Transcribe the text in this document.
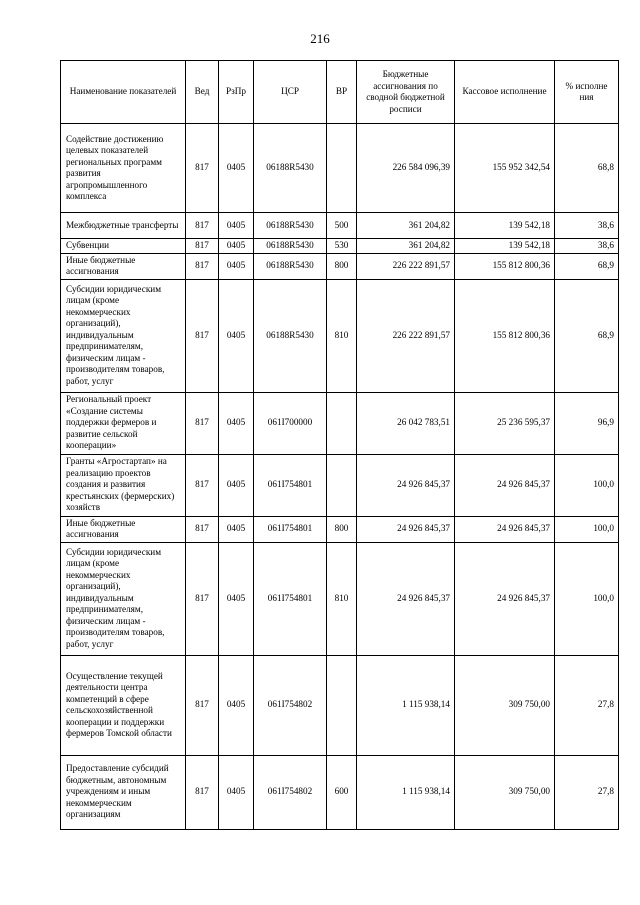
216
Наименование показателей	Вед	РзПр	ЦСР	ВР	Бюджетные ассигнования по сводной бюджетной росписи	Кассовое исполнение	% исполне ния
Содействие достижению целевых показателей региональных программ развития агропромышленного комплекса	817	0405	06188R5430		226 584 096,39	155 952 342,54	68,8
Межбюджетные трансферты	817	0405	06188R5430	500	361 204,82	139 542,18	38,6
Субвенции	817	0405	06188R5430	530	361 204,82	139 542,18	38,6
Иные бюджетные ассигнования	817	0405	06188R5430	800	226 222 891,57	155 812 800,36	68,9
Субсидии юридическим лицам (кроме некоммерческих организаций), индивидуальным предпринимателям, физическим лицам - производителям товаров, работ, услуг	817	0405	06188R5430	810	226 222 891,57	155 812 800,36	68,9
Региональный проект «Создание системы поддержки фермеров и развитие сельской кооперации»	817	0405	061I700000		26 042 783,51	25 236 595,37	96,9
Гранты «Агростартап» на реализацию проектов создания и развития крестьянских (фермерских) хозяйств	817	0405	061I754801		24 926 845,37	24 926 845,37	100,0
Иные бюджетные ассигнования	817	0405	061I754801	800	24 926 845,37	24 926 845,37	100,0
Субсидии юридическим лицам (кроме некоммерческих организаций), индивидуальным предпринимателям, физическим лицам - производителям товаров, работ, услуг	817	0405	061I754801	810	24 926 845,37	24 926 845,37	100,0
Осуществление текущей деятельности центра компетенций в сфере сельскохозяйственной кооперации и поддержки фермеров Томской области	817	0405	061I754802		1 115 938,14	309 750,00	27,8
Предоставление субсидий бюджетным, автономным учреждениям и иным некоммерческим организациям	817	0405	061I754802	600	1 115 938,14	309 750,00	27,8
